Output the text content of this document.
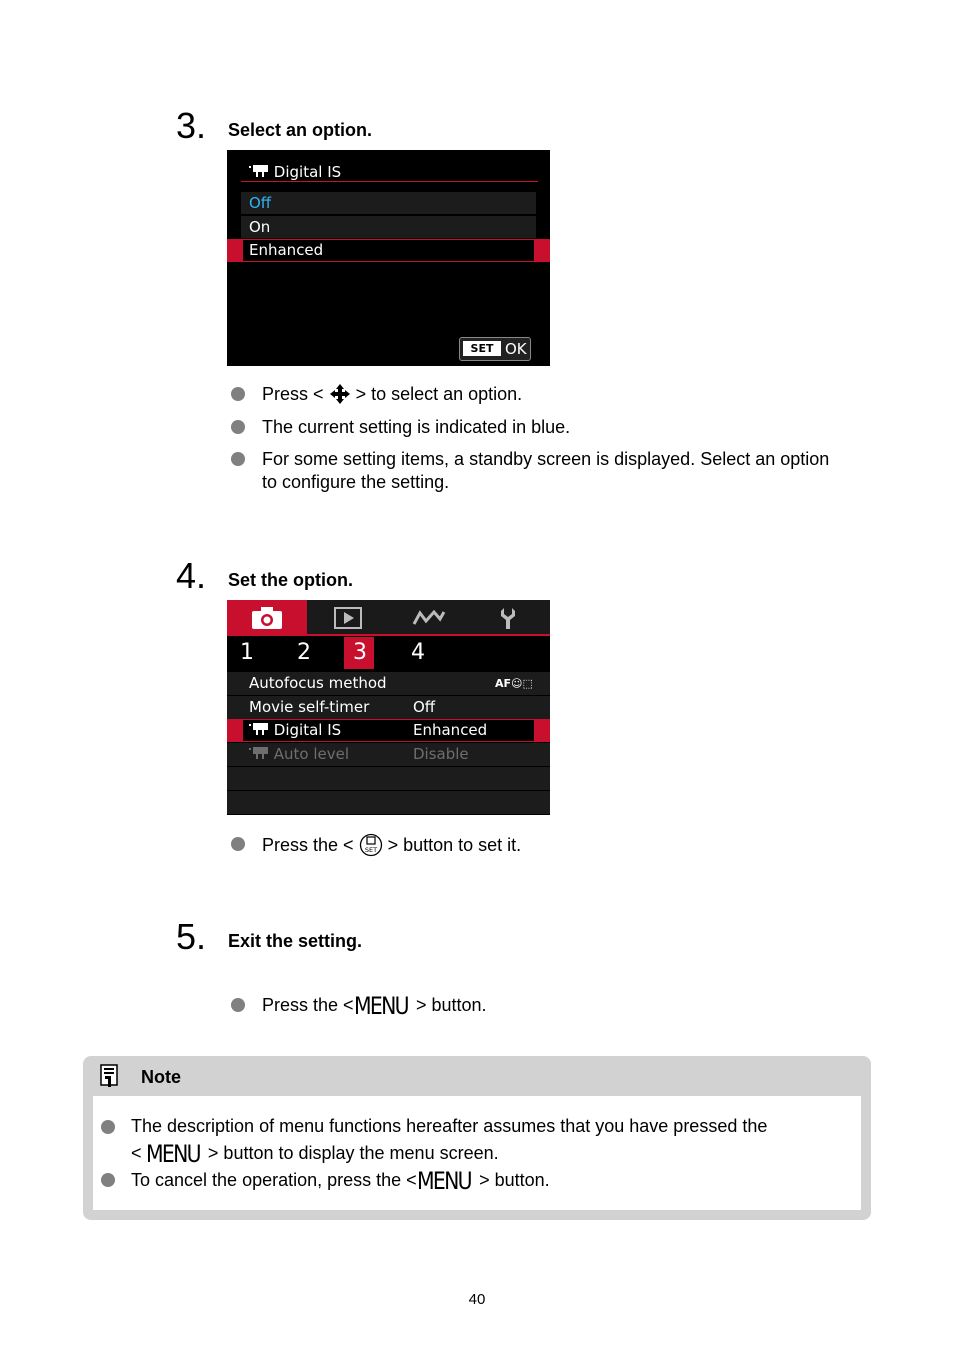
3. Select an option.
Digital IS
Off
On
Enhanced
SET OK
Press < > to select an option.
The current setting is indicated in blue.
For some setting items, a standby screen is displayed. Select an option
to configure the setting.
4. Set the option.
1 2 3 4
Autofocus method	AF☺⬚
Movie self-timer	Off
Digital IS	Enhanced
Auto level	Disable
Press the < SET > button to set it.
5. Exit the setting.
Press the <MENU > button.
Note
The description of menu functions hereafter assumes that you have pressed the
< MENU > button to display the menu screen.
To cancel the operation, press the <MENU > button.
40
